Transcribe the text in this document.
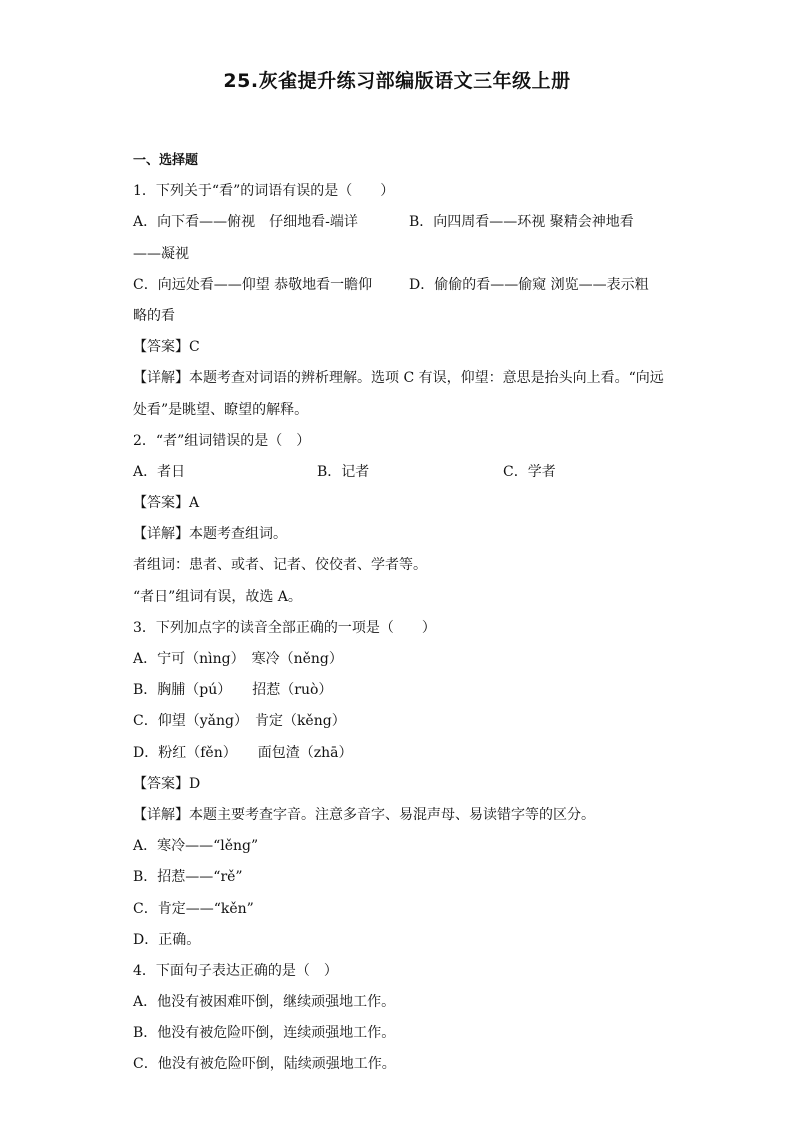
25.灰雀提升练习部编版语文三年级上册
一、选择题
1．下列关于“看”的词语有误的是（　　）
A．向下看——俯视　仔细地看-端详	B．向四周看——环视 聚精会神地看
——凝视
C．向远处看——仰望 恭敬地看一瞻仰	D．偷偷的看——偷窥 浏览——表示粗
略的看
【答案】C
【详解】本题考查对词语的辨析理解。选项 C 有误，仰望：意思是抬头向上看。“向远
处看”是眺望、瞭望的解释。
2．“者”组词错误的是（　）
A．者日	B．记者	C．学者
【答案】A
【详解】本题考查组词。
者组词：患者、或者、记者、佼佼者、学者等。
“者日”组词有误，故选 A。
3．下列加点字的读音全部正确的一项是（　　）
A．宁可（nìng）　寒冷（něng）
B．胸脯（pú）　　招惹（ruò）
C．仰望（yǎng）　肯定（kěng）
D．粉红（fěn）　　面包渣（zhā）
【答案】D
【详解】本题主要考查字音。注意多音字、易混声母、易读错字等的区分。
A．寒冷——“lěng”
B．招惹——“rě”
C．肯定——“kěn”
D．正确。
4．下面句子表达正确的是（　）
A．他没有被困难吓倒，继续顽强地工作。
B．他没有被危险吓倒，连续顽强地工作。
C．他没有被危险吓倒，陆续顽强地工作。
